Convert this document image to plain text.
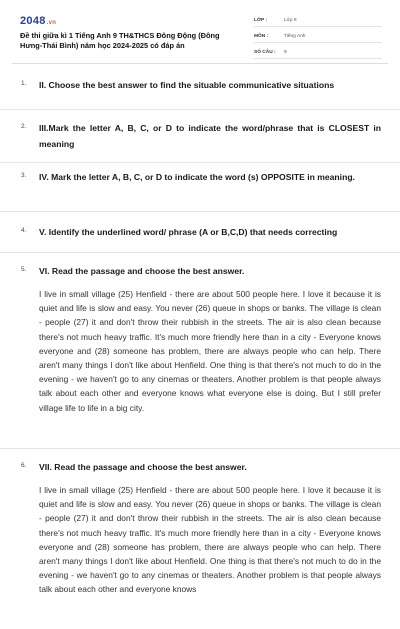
2048.vn
Đề thi giữa kì 1 Tiếng Anh 9 TH&THCS Đông Động (Đông Hưng-Thái Bình) năm học 2024-2025 có đáp án
LỚP :	Lớp 9
MÔN :	Tiếng Anh
SỐ CÂU :	9
1. II. Choose the best answer to find the situable communicative situations
2. III.Mark the letter A, B, C, or D to indicate the word/phrase that is CLOSEST in meaning
3. IV. Mark the letter A, B, C, or D to indicate the word (s) OPPOSITE in meaning.
4. V. Identify the underlined word/ phrase (A or B,C,D) that needs correcting
5. VI. Read the passage and choose the best answer.
I live in small village (25) Henfield - there are about 500 people here. I love it because it is quiet and life is slow and easy. You never (26) queue in shops or banks. The village is clean - people (27) it and don't throw their rubbish in the streets. The air is also clean because there's not much heavy traffic. It's much more friendly here than in a city - Everyone knows everyone and (28) someone has problem, there are always people who can help. There aren't many things I don't like about Henfield. One thing is that there's not much to do in the evening - we haven't go to any cinemas or theaters. Another problem is that people always talk about each other and everyone knows what everyone else is doing. But I still prefer village life to life in a big city.
6. VII. Read the passage and choose the best answer.
I live in small village (25) Henfield - there are about 500 people here. I love it because it is quiet and life is slow and easy. You never (26) queue in shops or banks. The village is clean - people (27) it and don't throw their rubbish in the streets. The air is also clean because there's not much heavy traffic. It's much more friendly here than in a city - Everyone knows everyone and (28) someone has problem, there are always people who can help. There aren't many things I don't like about Henfield. One thing is that there's not much to do in the evening - we haven't go to any cinemas or theaters. Another problem is that people always talk about each other and everyone knows
